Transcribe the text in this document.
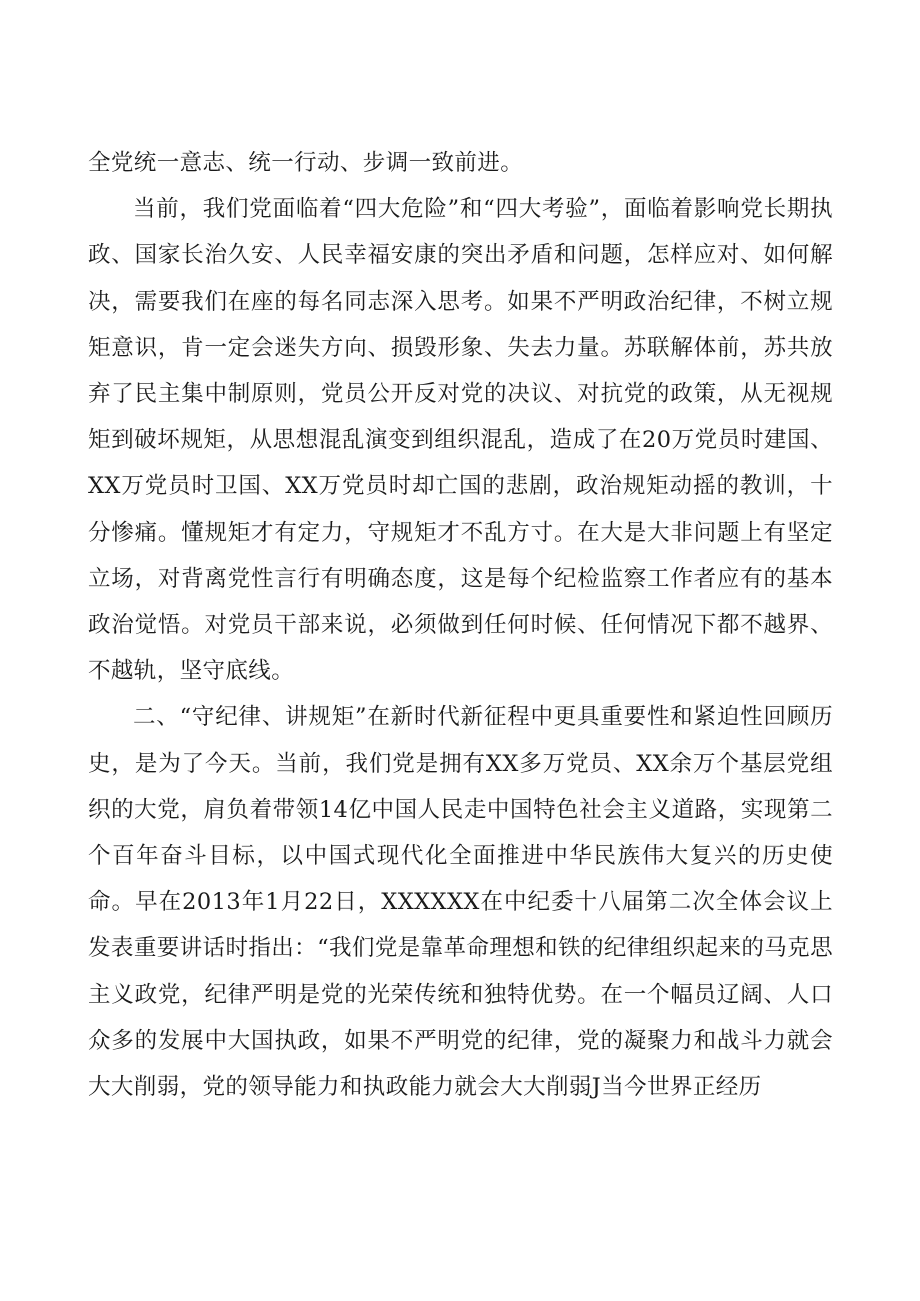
全党统一意志、统一行动、步调一致前进。

当前，我们党面临着“四大危险”和“四大考验”，面临着影响党长期执政、国家长治久安、人民幸福安康的突出矛盾和问题，怎样应对、如何解决，需要我们在座的每名同志深入思考。如果不严明政治纪律，不树立规矩意识，肯一定会迷失方向、损毁形象、失去力量。苏联解体前，苏共放弃了民主集中制原则，党员公开反对党的决议、对抗党的政策，从无视规矩到破坏规矩，从思想混乱演变到组织混乱，造成了在20万党员时建国、XX万党员时卫国、XX万党员时却亡国的悲剧，政治规矩动摇的教训，十分惨痛。懂规矩才有定力，守规矩才不乱方寸。在大是大非问题上有坚定立场，对背离党性言行有明确态度，这是每个纪检监察工作者应有的基本政治觉悟。对党员干部来说，必须做到任何时候、任何情况下都不越界、不越轨，坚守底线。

二、“守纪律、讲规矩”在新时代新征程中更具重要性和紧迫性回顾历史，是为了今天。当前，我们党是拥有XX多万党员、XX余万个基层党组织的大党，肩负着带领14亿中国人民走中国特色社会主义道路，实现第二个百年奋斗目标，以中国式现代化全面推进中华民族伟大复兴的历史使命。早在2013年1月22日，XXXXXX在中纪委十八届第二次全体会议上发表重要讲话时指出：“我们党是靠革命理想和铁的纪律组织起来的马克思主义政党，纪律严明是党的光荣传统和独特优势。在一个幅员辽阔、人口众多的发展中大国执政，如果不严明党的纪律，党的凝聚力和战斗力就会大大削弱，党的领导能力和执政能力就会大大削弱J当今世界正经历
